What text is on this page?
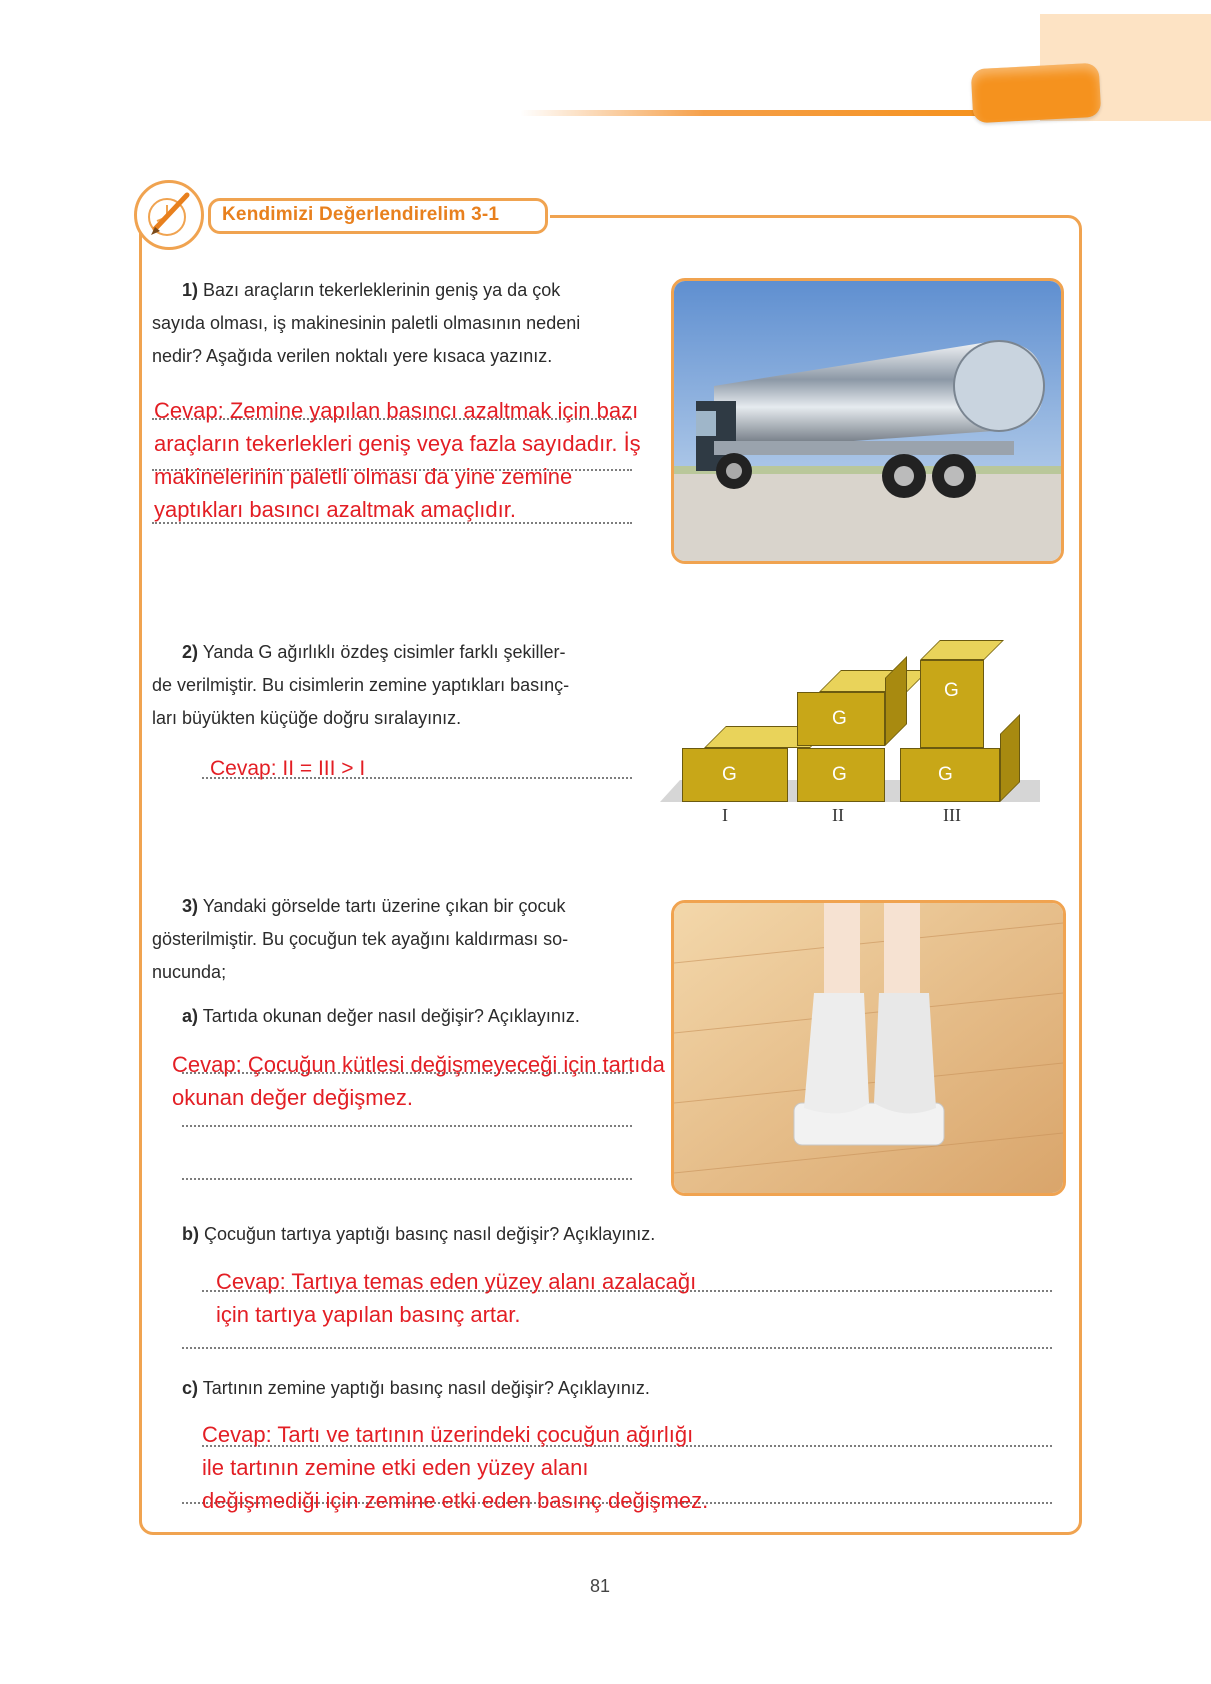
Kendimizi Değerlendirelim 3-1
1) Bazı araçların tekerleklerinin geniş ya da çok
sayıda olması, iş makinesinin paletli olmasının nedeni
nedir? Aşağıda verilen noktalı yere kısaca yazınız.
Cevap: Zemine yapılan basıncı azaltmak için bazı
araçların tekerlekleri geniş veya fazla sayıdadır. İş
makinelerinin paletli olması da yine zemine
yaptıkları basıncı azaltmak amaçlıdır.
2) Yanda G ağırlıklı özdeş cisimler farklı şekiller-
de verilmiştir. Bu cisimlerin zemine yaptıkları basınç-
ları büyükten küçüğe doğru sıralayınız.
Cevap: II = III > I	G
G
G
G
G
I	II	III
3) Yandaki görselde tartı üzerine çıkan bir çocuk
gösterilmiştir. Bu çocuğun tek ayağını kaldırması so-
nucunda;
a) Tartıda okunan değer nasıl değişir? Açıklayınız.
Cevap: Çocuğun kütlesi değişmeyeceği için tartıda
okunan değer değişmez.
b) Çocuğun tartıya yaptığı basınç nasıl değişir? Açıklayınız.
Cevap: Tartıya temas eden yüzey alanı azalacağı
için tartıya yapılan basınç artar.
c) Tartının zemine yaptığı basınç nasıl değişir? Açıklayınız.
Cevap: Tartı ve tartının üzerindeki çocuğun ağırlığı
ile tartının zemine etki eden yüzey alanı
değişmediği için zemine etki eden basınç değişmez.
81
